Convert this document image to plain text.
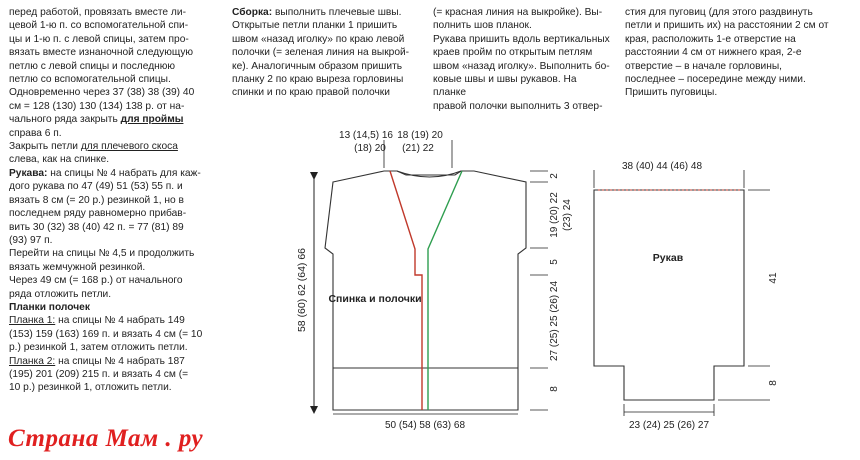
перед работой, провязать вместе ли-

цевой 1-ю п. со вспомогательной спи-

цы и 1-ю п. с левой спицы, затем про-

вязать вместе изнаночной следующую

петлю с левой спицы и последнюю

петлю со вспомогательной спицы.

Одновременно через 37 (38) 38 (39) 40

см = 128 (130) 130 (134) 138 р. от на-

чального ряда закрыть для проймы

справа 6 п.

Закрыть петли для плечевого скоса

слева, как на спинке.

Рукава: на спицы № 4 набрать для каж-

дого рукава по 47 (49) 51 (53) 55 п. и

вязать 8 см (= 20 р.) резинкой 1, но в

последнем ряду равномерно прибав-

вить 30 (32) 38 (40) 42 п. = 77 (81) 89

(93) 97 п.

Перейти на спицы № 4,5 и продолжить

вязать жемчужной резинкой.

Через 49 см (= 168 р.) от начального

ряда отложить петли.

Планки полочек

Планка 1: на спицы № 4 набрать 149

(153) 159 (163) 169 п. и вязать 4 см (= 10

р.) резинкой 1, затем отложить петли.

Планка 2: на спицы № 4 набрать 187

(195) 201 (209) 215 п. и вязать 4 см (=

10 р.) резинкой 1, отложить петли.

Сборка: выполнить плечевые швы.

Открытые петли планки 1 пришить

швом «назад иголку» по краю левой

полочки (= зеленая линия на выкрой-

ке). Аналогичным образом пришить

планку 2 по краю выреза горловины

спинки и по краю правой полочки

(= красная линия на выкройке). Вы-

полнить шов планок.

Рукава пришить вдоль вертикальных

краев пройм по открытым петлям

швом «назад иголку». Выполнить бо-

ковые швы и швы рукавов. На планке

правой полочки выполнить 3 отвер-

стия для пуговиц (для этого раздвинуть петли и пришить их) на расстоянии 2 см от края, расположить 1-е отверстие на расстоянии 4 см от нижнего края, 2-е отверстие – в начале горловины, последнее – посередине между ними. Пришить пуговицы.

58 (60) 62 (64) 66
13 (14,5) 16
(18) 20
18 (19) 20
(21) 22
2
19 (20) 22 (23) 24
5
27 (25) 25 (26) 24
8
Спинка и полочки
50 (54) 58 (63) 68
38 (40) 44 (46) 48
Рукав
41
8
23 (24) 25 (26) 27
Страна Мам . ру
